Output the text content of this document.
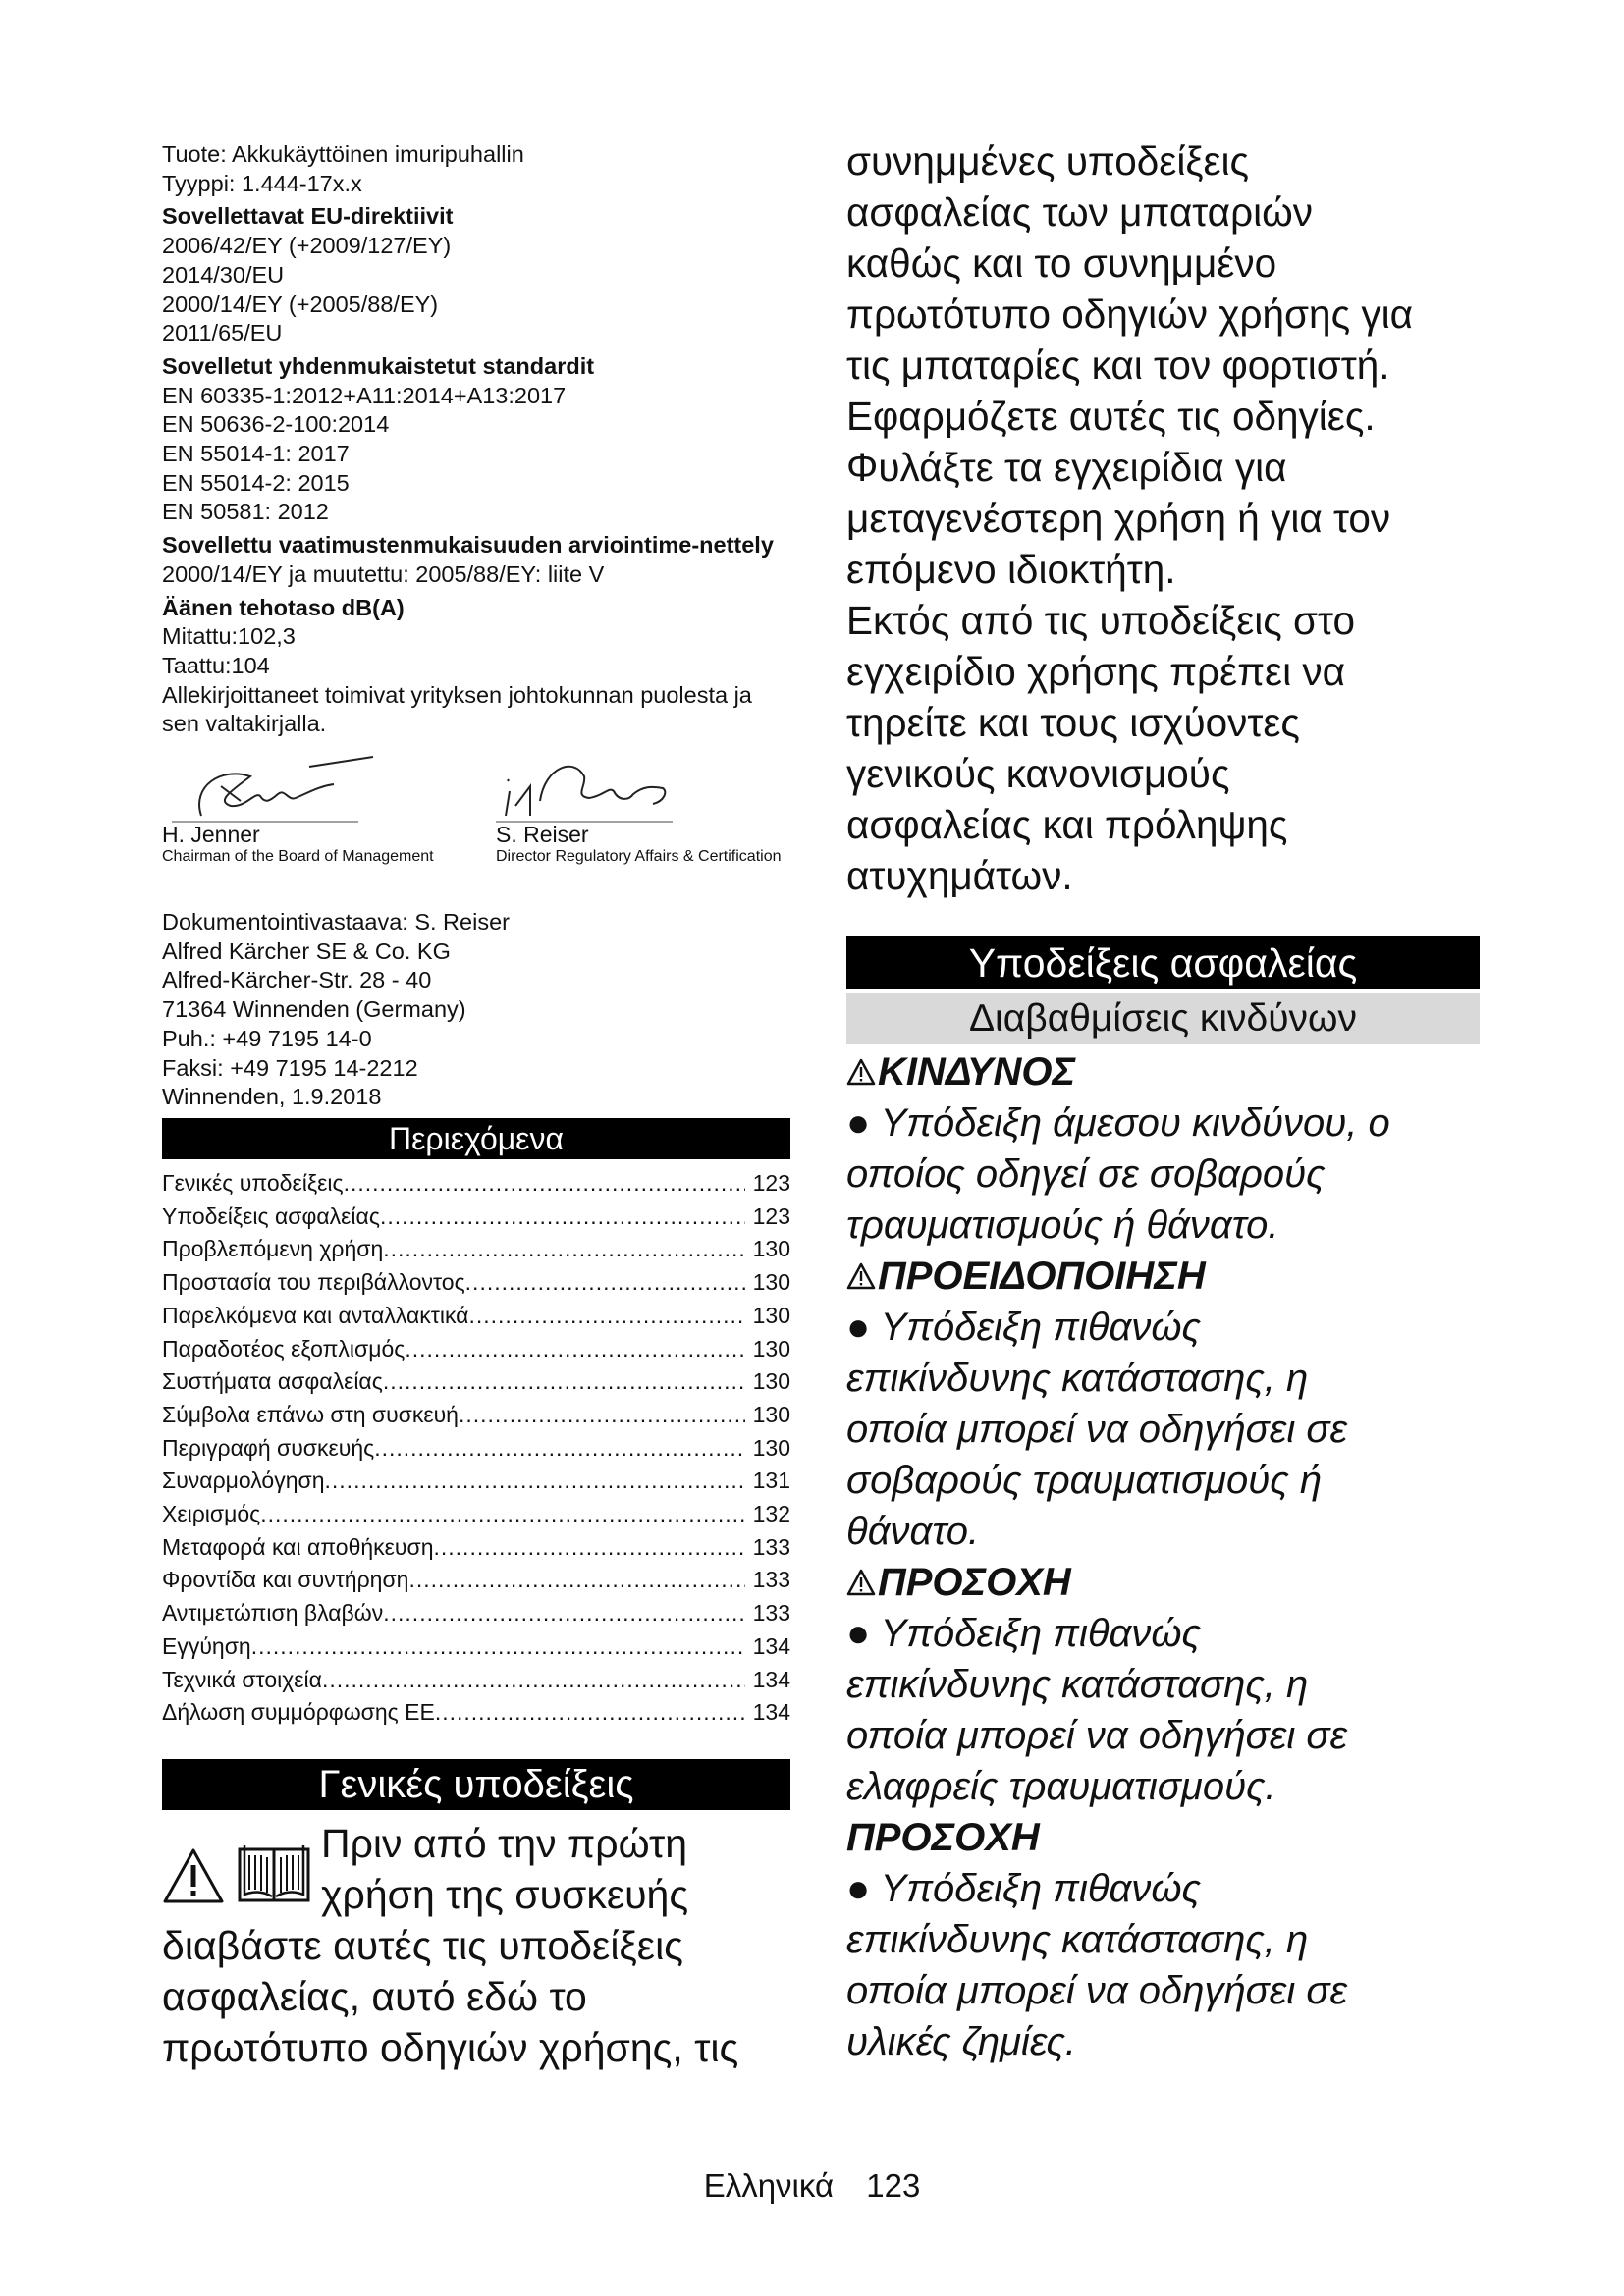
Tuote: Akkukäyttöinen imuripuhallin
Tyyppi: 1.444-17x.x
Sovellettavat EU-direktiivit
2006/42/EY (+2009/127/EY)
2014/30/EU
2000/14/EY (+2005/88/EY)
2011/65/EU
Sovelletut yhdenmukaistetut standardit
EN 60335-1:2012+A11:2014+A13:2017
EN 50636-2-100:2014
EN 55014-1: 2017
EN 55014-2: 2015
EN 50581: 2012
Sovellettu vaatimustenmukaisuuden arviointime-nettely
2000/14/EY ja muutettu: 2005/88/EY: liite V
Äänen tehotaso dB(A)
Mitattu:102,3
Taattu:104
Allekirjoittaneet toimivat yrityksen johtokunnan puolesta ja sen valtakirjalla.
H. Jenner
Chairman of the Board of Management
S. Reiser
Director Regulatory Affairs & Certification
Dokumentointivastaava: S. Reiser
Alfred Kärcher SE & Co. KG
Alfred-Kärcher-Str. 28 - 40
71364 Winnenden (Germany)
Puh.: +49 7195 14-0
Faksi: +49 7195 14-2212
Winnenden, 1.9.2018
Περιεχόμενα
Γενικές υποδείξεις .....	123
Υποδείξεις ασφαλείας .....	123
Προβλεπόμενη χρήση .....	130
Προστασία του περιβάλλοντος .....	130
Παρελκόμενα και ανταλλακτικά .....	130
Παραδοτέος εξοπλισμός .....	130
Συστήματα ασφαλείας .....	130
Σύμβολα επάνω στη συσκευή .....	130
Περιγραφή συσκευής .....	130
Συναρμολόγηση .....	131
Χειρισμός .....	132
Μεταφορά και αποθήκευση .....	133
Φροντίδα και συντήρηση .....	133
Αντιμετώπιση βλαβών .....	133
Εγγύηση .....	134
Τεχνικά στοιχεία .....	134
Δήλωση συμμόρφωσης ΕΕ .....	134
Γενικές υποδείξεις
Πριν από την πρώτη
χρήση της συσκευής
διαβάστε αυτές τις υποδείξεις
ασφαλείας, αυτό εδώ το
πρωτότυπο οδηγιών χρήσης, τις
συνημμένες υποδείξεις
ασφαλείας των μπαταριών
καθώς και το συνημμένο
πρωτότυπο οδηγιών χρήσης για
τις μπαταρίες και τον φορτιστή.
Εφαρμόζετε αυτές τις οδηγίες.
Φυλάξτε τα εγχειρίδια για
μεταγενέστερη χρήση ή για τον
επόμενο ιδιοκτήτη.
Εκτός από τις υποδείξεις στο
εγχειρίδιο χρήσης πρέπει να
τηρείτε και τους ισχύοντες
γενικούς κανονισμούς
ασφαλείας και πρόληψης
ατυχημάτων.
Υποδείξεις ασφαλείας
Διαβαθμίσεις κινδύνων
ΚΙΝΔΥΝΟΣ
● Υπόδειξη άμεσου κινδύνου, ο
οποίος οδηγεί σε σοβαρούς
τραυματισμούς ή θάνατο.
ΠΡΟΕΙΔΟΠΟΙΗΣΗ
● Υπόδειξη πιθανώς
επικίνδυνης κατάστασης, η
οποία μπορεί να οδηγήσει σε
σοβαρούς τραυματισμούς ή
θάνατο.
ΠΡΟΣΟΧΗ
● Υπόδειξη πιθανώς
επικίνδυνης κατάστασης, η
οποία μπορεί να οδηγήσει σε
ελαφρείς τραυματισμούς.
ΠΡΟΣΟΧΗ
● Υπόδειξη πιθανώς
επικίνδυνης κατάστασης, η
οποία μπορεί να οδηγήσει σε
υλικές ζημίες.
Ελληνικά 123
